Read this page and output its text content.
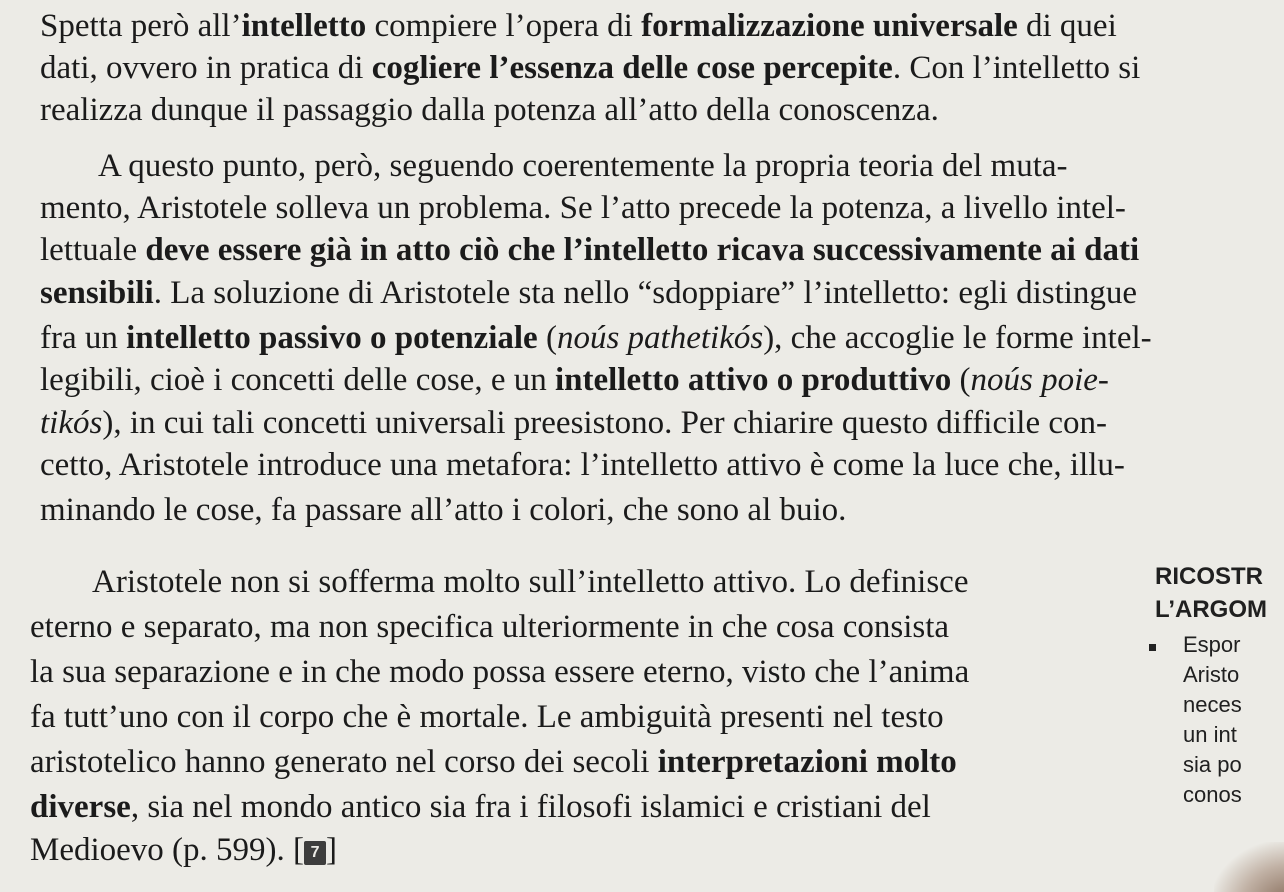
Spetta però all’intelletto compiere l’opera di formalizzazione universale di quei
dati, ovvero in pratica di cogliere l’essenza delle cose percepite. Con l’intelletto si
realizza dunque il passaggio dalla potenza all’atto della conoscenza.
A questo punto, però, seguendo coerentemente la propria teoria del muta-
mento, Aristotele solleva un problema. Se l’atto precede la potenza, a livello intel-
lettuale deve essere già in atto ciò che l’intelletto ricava successivamente ai dati
sensibili. La soluzione di Aristotele sta nello “sdoppiare” l’intelletto: egli distingue
fra un intelletto passivo o potenziale (noús pathetikós), che accoglie le forme intel-
legibili, cioè i concetti delle cose, e un intelletto attivo o produttivo (noús poie-
tikós), in cui tali concetti universali preesistono. Per chiarire questo difficile con-
cetto, Aristotele introduce una metafora: l’intelletto attivo è come la luce che, illu-
minando le cose, fa passare all’atto i colori, che sono al buio.
Aristotele non si sofferma molto sull’intelletto attivo. Lo definisce
eterno e separato, ma non specifica ulteriormente in che cosa consista
la sua separazione e in che modo possa essere eterno, visto che l’anima
fa tutt’uno con il corpo che è mortale. Le ambiguità presenti nel testo
aristotelico hanno generato nel corso dei secoli interpretazioni molto
diverse, sia nel mondo antico sia fra i filosofi islamici e cristiani del
Medioevo (p. 599). [ 7 ]
RICOSTR
L’ARGOM
Espor
Aristo
neces
un int
sia po
conos
